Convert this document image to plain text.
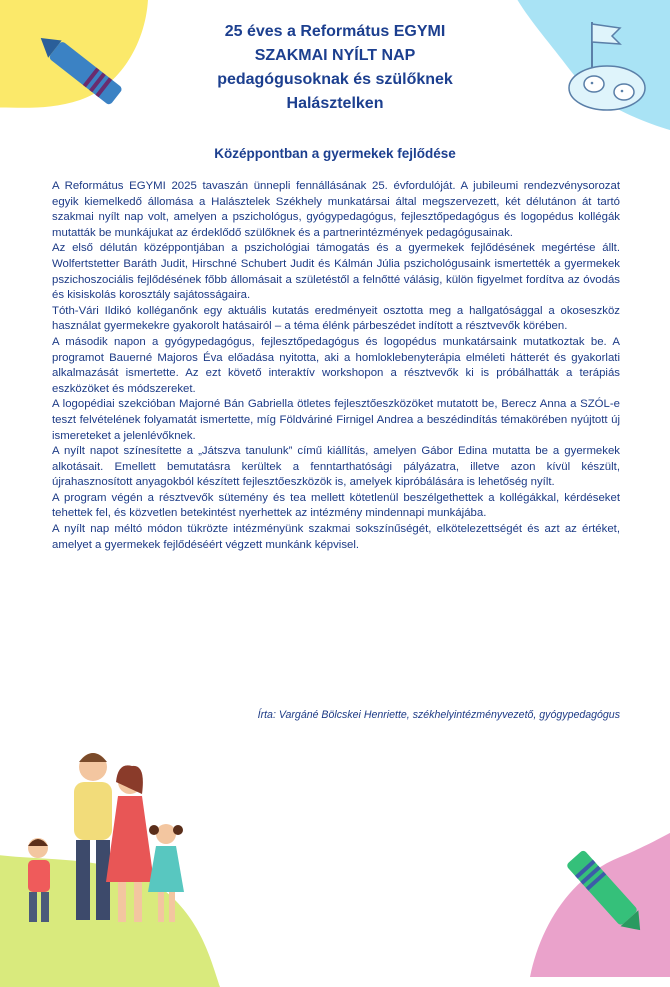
25 éves a Református EGYMI
SZAKMAI NYÍLT NAP
pedagógusoknak és szülőknek
Halásztelken
Középpontban a gyermekek fejlődése

A Református EGYMI 2025 tavaszán ünnepli fennállásának 25. évfordulóját. A jubileumi rendezvénysorozat egyik kiemelkedő állomása a Halásztelek Székhely munkatársai által megszervezett, két délutánon át tartó szakmai nyílt nap volt, amelyen a pszichológus, gyógypedagógus, fejlesztőpedagógus és logopédus kollégák mutatták be munkájukat az érdeklődő szülőknek és a partnerintézmények pedagógusainak.

Az első délután középpontjában a pszichológiai támogatás és a gyermekek fejlődésének megértése állt. Wolfertstetter Baráth Judit, Hirschné Schubert Judit és Kálmán Júlia pszichológusaink ismertették a gyermekek pszichoszociális fejlődésének főbb állomásait a születéstől a felnőtté válásig, külön figyelmet fordítva az óvodás és kisiskolás korosztály sajátosságaira.

Tóth-Vári Ildikó kolléganőnk egy aktuális kutatás eredményeit osztotta meg a hallgatósággal a okoseszköz használat gyermekekre gyakorolt hatásairól – a téma élénk párbeszédet indított a résztvevők körében.

A második napon a gyógypedagógus, fejlesztőpedagógus és logopédus munkatársaink mutatkoztak be. A programot Bauerné Majoros Éva előadása nyitotta, aki a homloklebenyterápia elméleti hátterét és gyakorlati alkalmazását ismertette. Az ezt követő interaktív workshopon a résztvevők ki is próbálhatták a terápiás eszközöket és módszereket.

A logopédiai szekcióban Majorné Bán Gabriella ötletes fejlesztőeszközöket mutatott be, Berecz Anna a SZÓL-e teszt felvételének folyamatát ismertette, míg Földváriné Firnigel Andrea a beszédindítás témakörében nyújtott új ismereteket a jelenlévőknek.

A nyílt napot színesítette a „Játszva tanulunk” című kiállítás, amelyen Gábor Edina mutatta be a gyermekek alkotásait. Emellett bemutatásra kerültek a fenntarthatósági pályázatra, illetve azon kívül készült, újrahasznosított anyagokból készített fejlesztőeszközök is, amelyek kipróbálására is lehetőség nyílt.

A program végén a résztvevők sütemény és tea mellett kötetlenül beszélgethettek a kollégákkal, kérdéseket tehettek fel, és közvetlen betekintést nyerhettek az intézmény mindennapi munkájába.

A nyílt nap méltó módon tükrözte intézményünk szakmai sokszínűségét, elkötelezettségét és azt az értéket, amelyet a gyermekek fejlődéséért végzett munkánk képvisel.

Írta: Vargáné Bölcskei Henriette, székhelyintézményvezető, gyógypedagógus
